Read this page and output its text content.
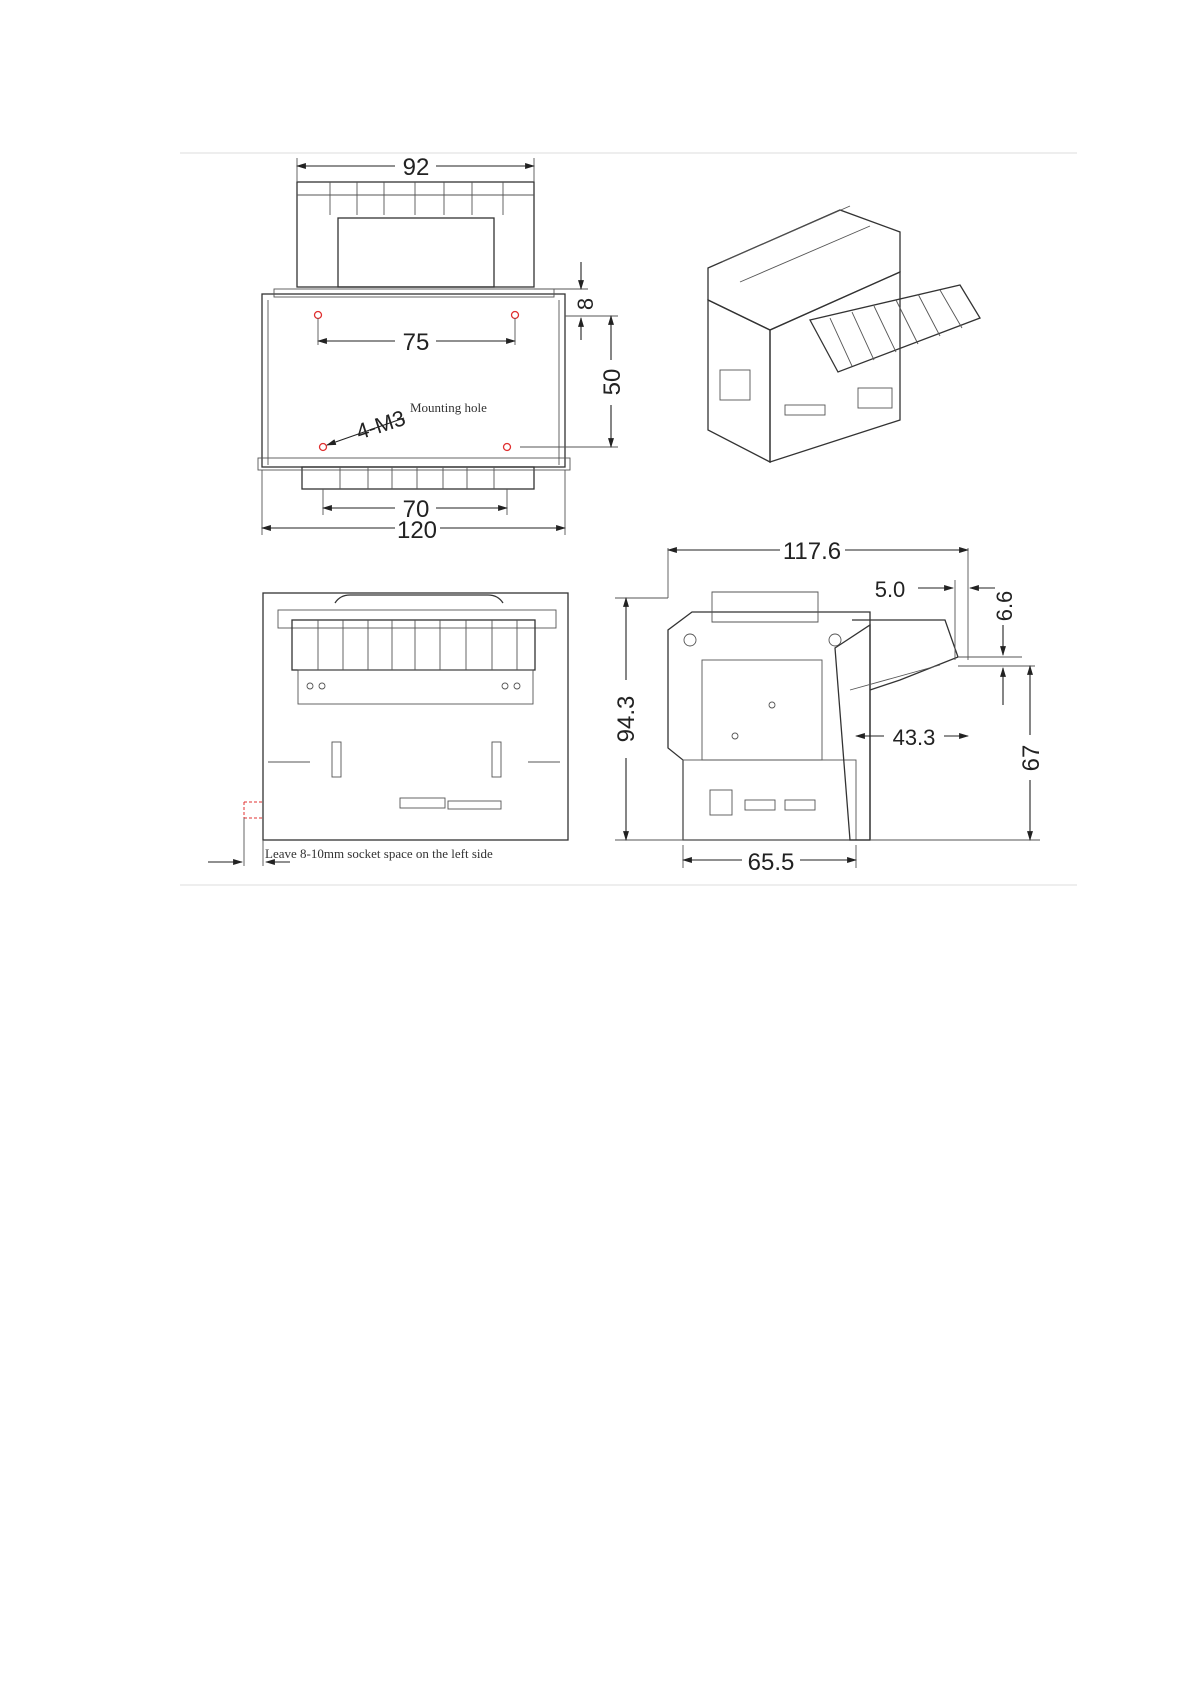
92
75
70
120
8
50
4-M3 Mounting hole
Leave 8-10mm socket space on the left side
117.6
94.3
5.0
6.6
43.3
67
65.5
